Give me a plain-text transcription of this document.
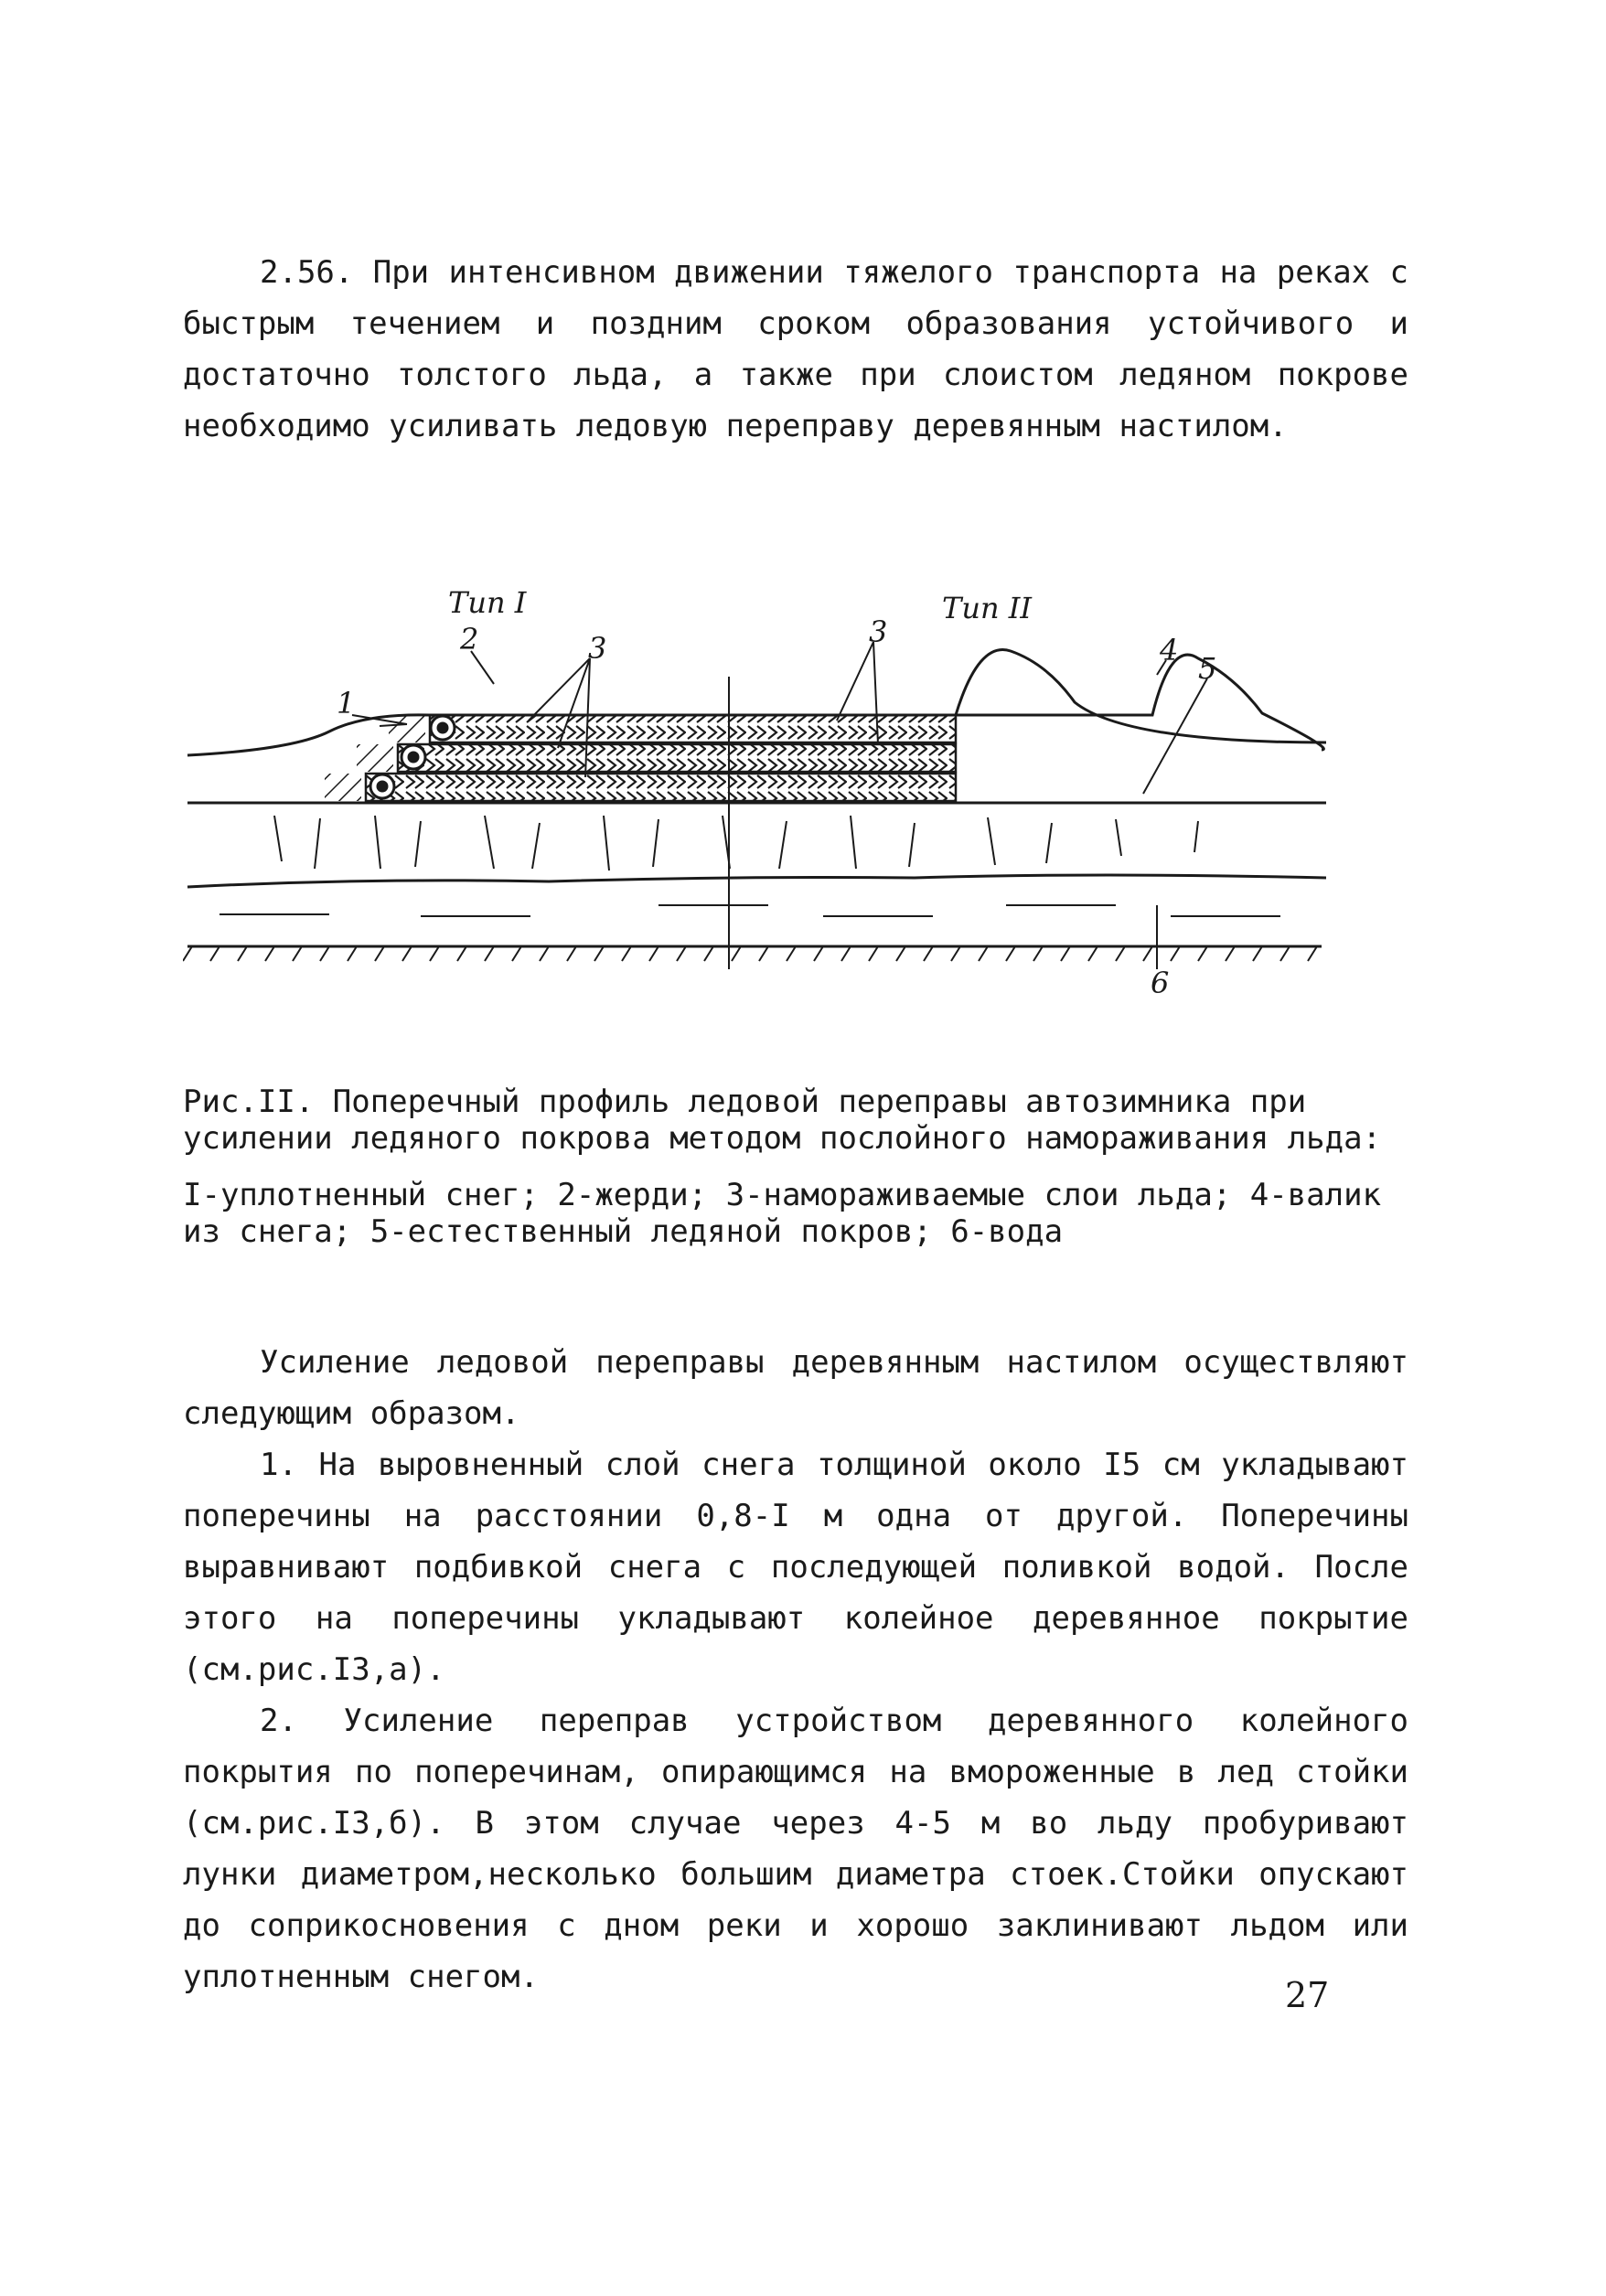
2.56. При интенсивном движении тяжелого транспорта на реках с быстрым течением и поздним сроком образования устойчивого и достаточно толстого льда, а также при слоистом ледяном покрове необходимо усиливать ледовую переправу деревянным настилом.

Тип I	Тип II
1
2	3	3
4
5
6

Рис.II. Поперечный профиль ледовой переправы автозимника при усилении ледяного покрова методом послойного намораживания льда:

I-уплотненный снег; 2-жерди; 3-намораживаемые слои льда; 4-валик из снега; 5-естественный ледяной покров; 6-вода

Усиление ледовой переправы деревянным настилом осуществляют следующим образом.

1. На выровненный слой снега толщиной около I5 см укладывают поперечины на расстоянии 0,8-I м одна от другой. Поперечины выравнивают подбивкой снега с последующей поливкой водой. После этого на поперечины укладывают колейное деревянное покрытие (см.рис.I3,а).

2. Усиление переправ устройством деревянного колейного покрытия по поперечинам, опирающимся на вмороженные в лед стойки (см.рис.I3,б). В этом случае через 4-5 м во льду пробуривают лунки диаметром,несколько большим диаметра стоек.Стойки опускают до соприкосновения с дном реки и хорошо заклинивают льдом или уплотненным снегом.	27
